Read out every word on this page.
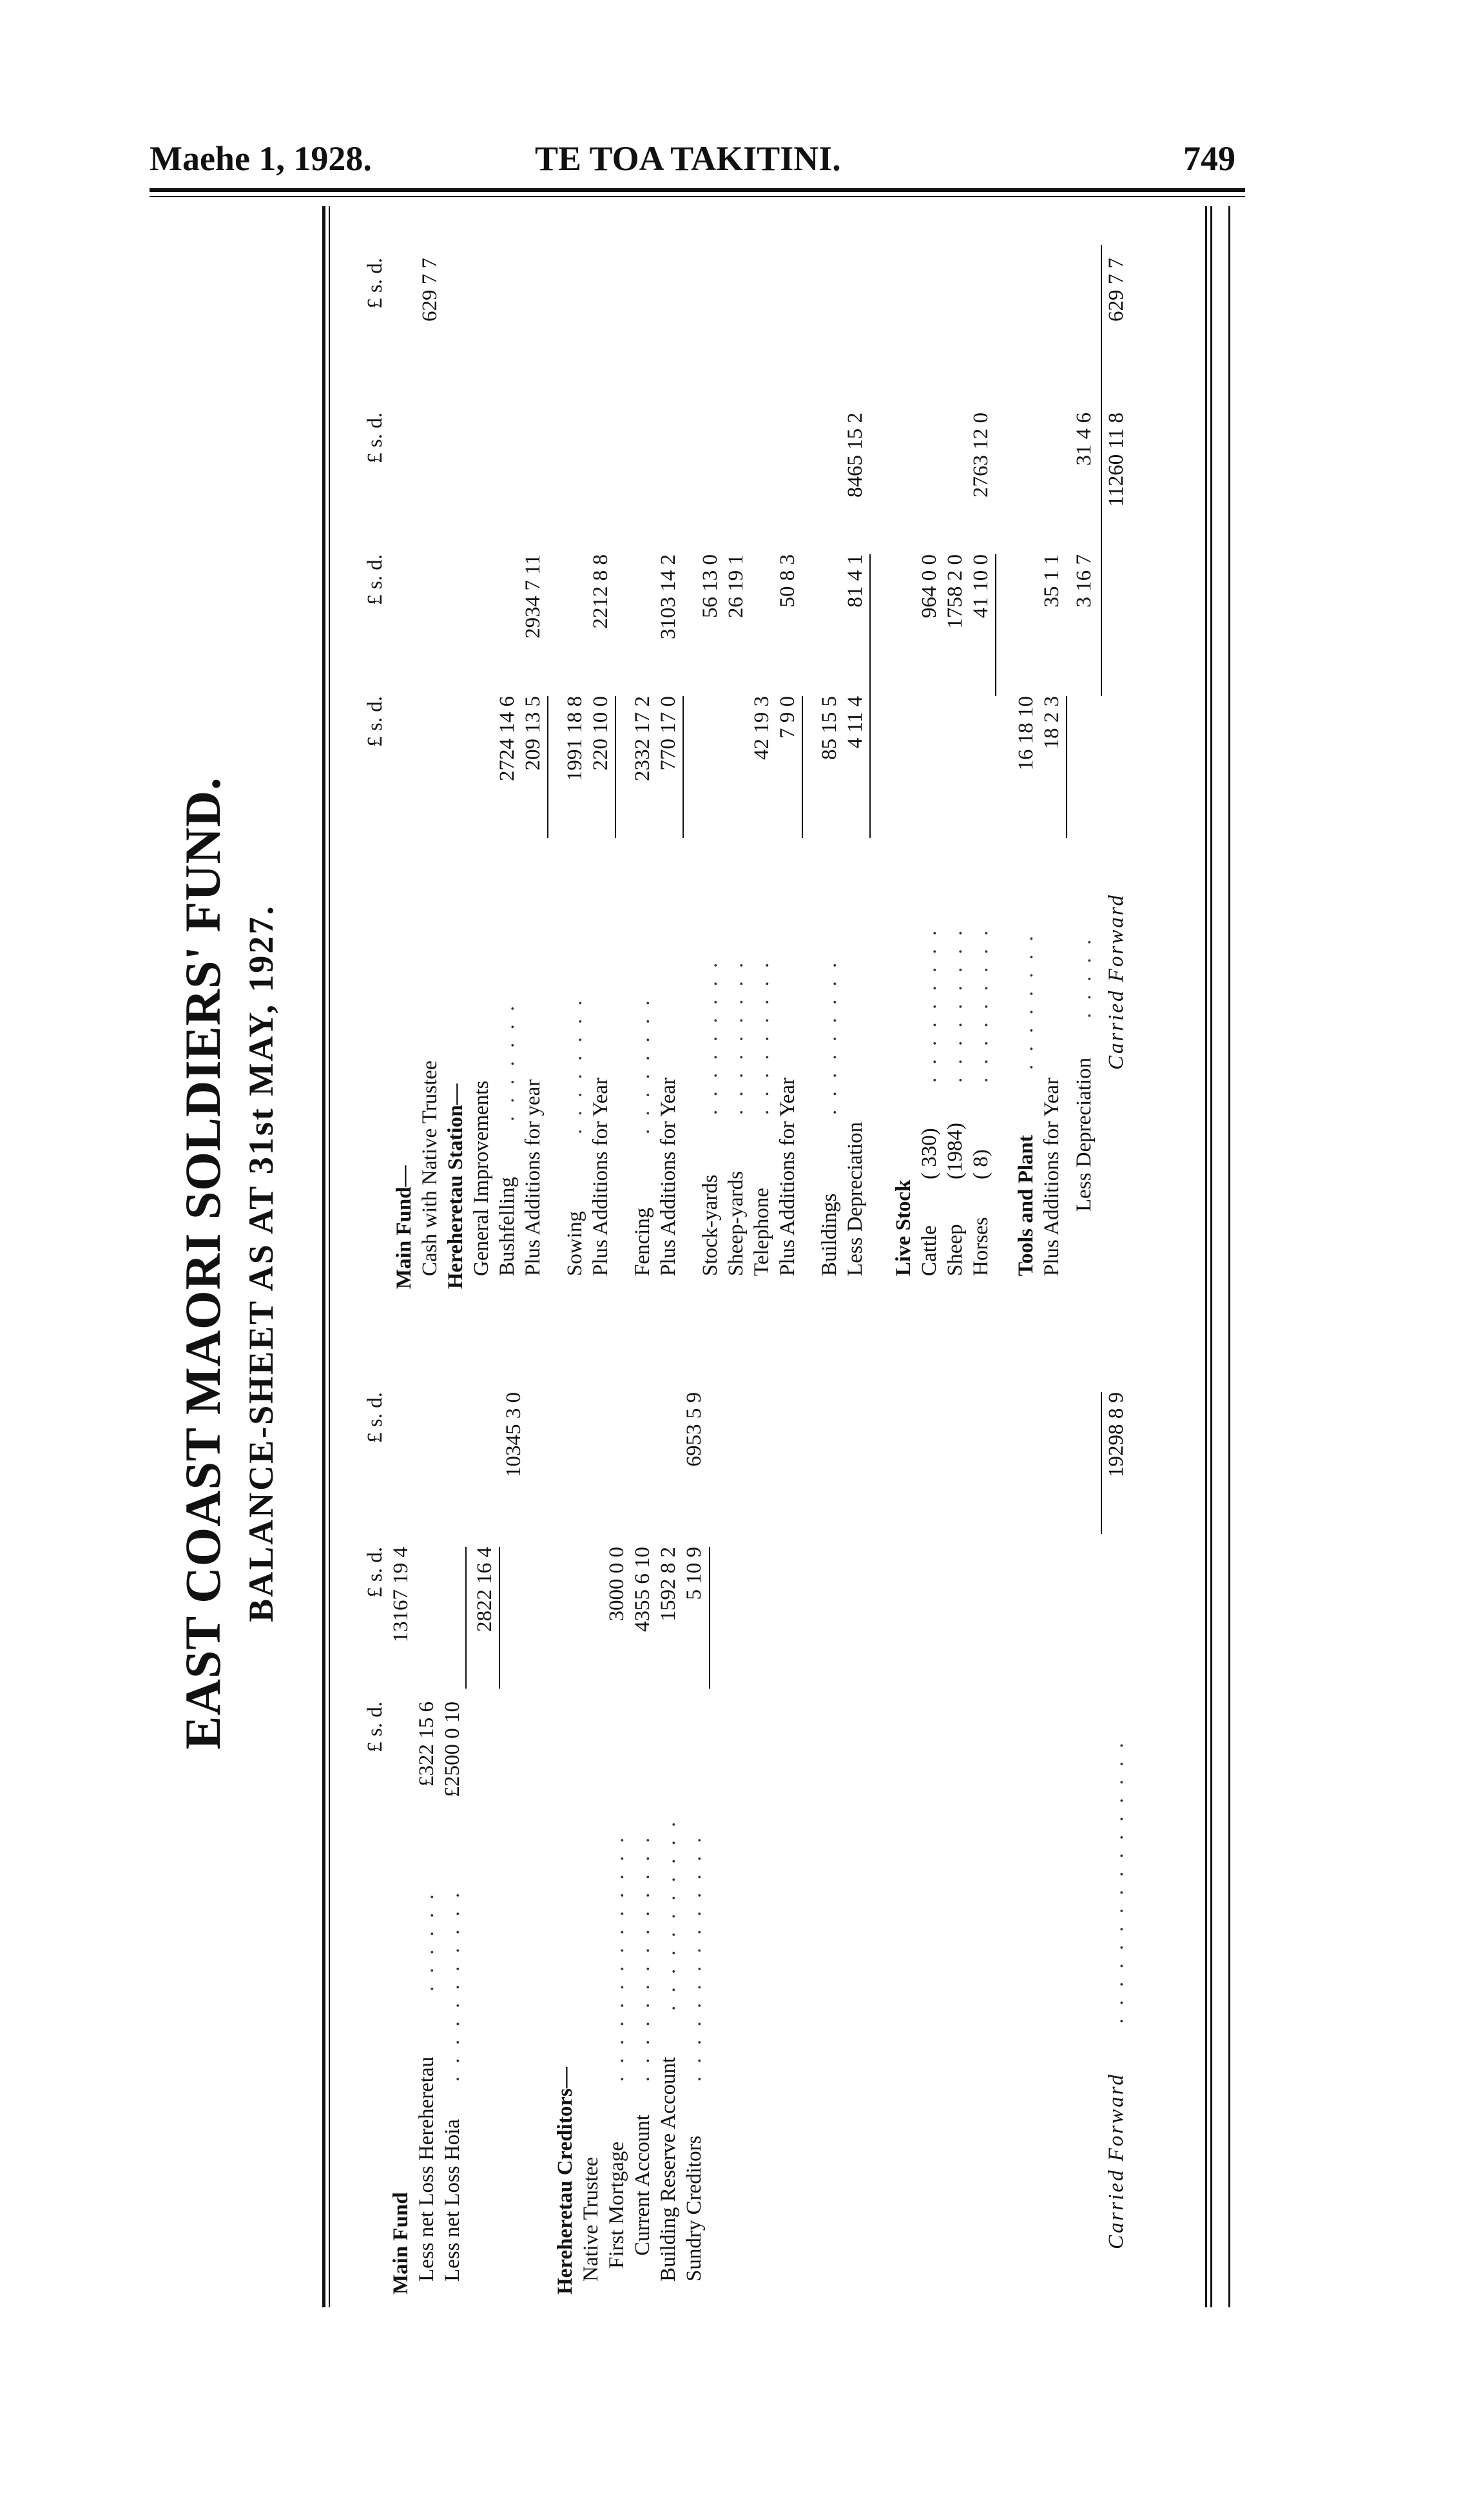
Maehe 1, 1928.	TE TOA TAKITINI.	749
EAST COAST MAORI SOLDIERS' FUND. BALANCE-SHEET AS AT 31st MAY, 1927.
£ s. d.
£ s. d.
£ s. d.
Main Fund
13167 19 4
Less net Loss Hereheretau
. . . . . .
£322 15 6
Less net Loss Hoia
. . . . . . . . . . .
£2500 0 10
2822 16 4
10345 3 0
Hereheretau Creditors— Native Trustee First Mortgage
. . . . . . . . . . . . . .
3000 0 0
Current Account
. . . . . . . . . . . . . .
4355 6 10
Building Reserve Account
. . . . . . . . . . .
1592 8 2
Sundry Creditors
. . . . . . . . . . . . . .
5 10 9
6953 5 9
Carried Forward
. . . . . . . . . . . . . . . .
19298 8 9
£ s. d.
£ s. d.
£ s. d.
£ s. d.
Main Fund— Cash with Native Trustee
629 7 7
Hereheretau Station— General Improvements Bushfelling
. . . . . . .
2724 14 6
Plus Additions for year
209 13 5
2934 7 11
Sowing
. . . . . . . .
1991 18 8
Plus Additions for Year
220 10 0
2212 8 8
Fencing
. . . . . . . .
2332 17 2
Plus Additions for Year
770 17 0
3103 14 2
Stock-yards
. . . . . . . . .
56 13 0
Sheep-yards
. . . . . . . . .
26 19 1
Telephone
. . . . . . . . .
42 19 3
Plus Additions for Year
7 9 0
50 8 3
Buildings
. . . . . . . . .
85 15 5
Less Depreciation
4 11 4
81 4 1
8465 15 2
Live Stock Cattle
( 330)
. . . . . . . . .
964 0 0
Sheep
(1984)
. . . . . . . . .
1758 2 0
Horses
( 8)
. . . . . . . . .
41 10 0
2763 12 0
Tools and Plant
. . . . . . . .
16 18 10
Plus Additions for Year
18 2 3
35 1 1
Less Depreciation
. . . . .
3 16 7
31 4 6
Carried Forward
11260 11 8
629 7 7
